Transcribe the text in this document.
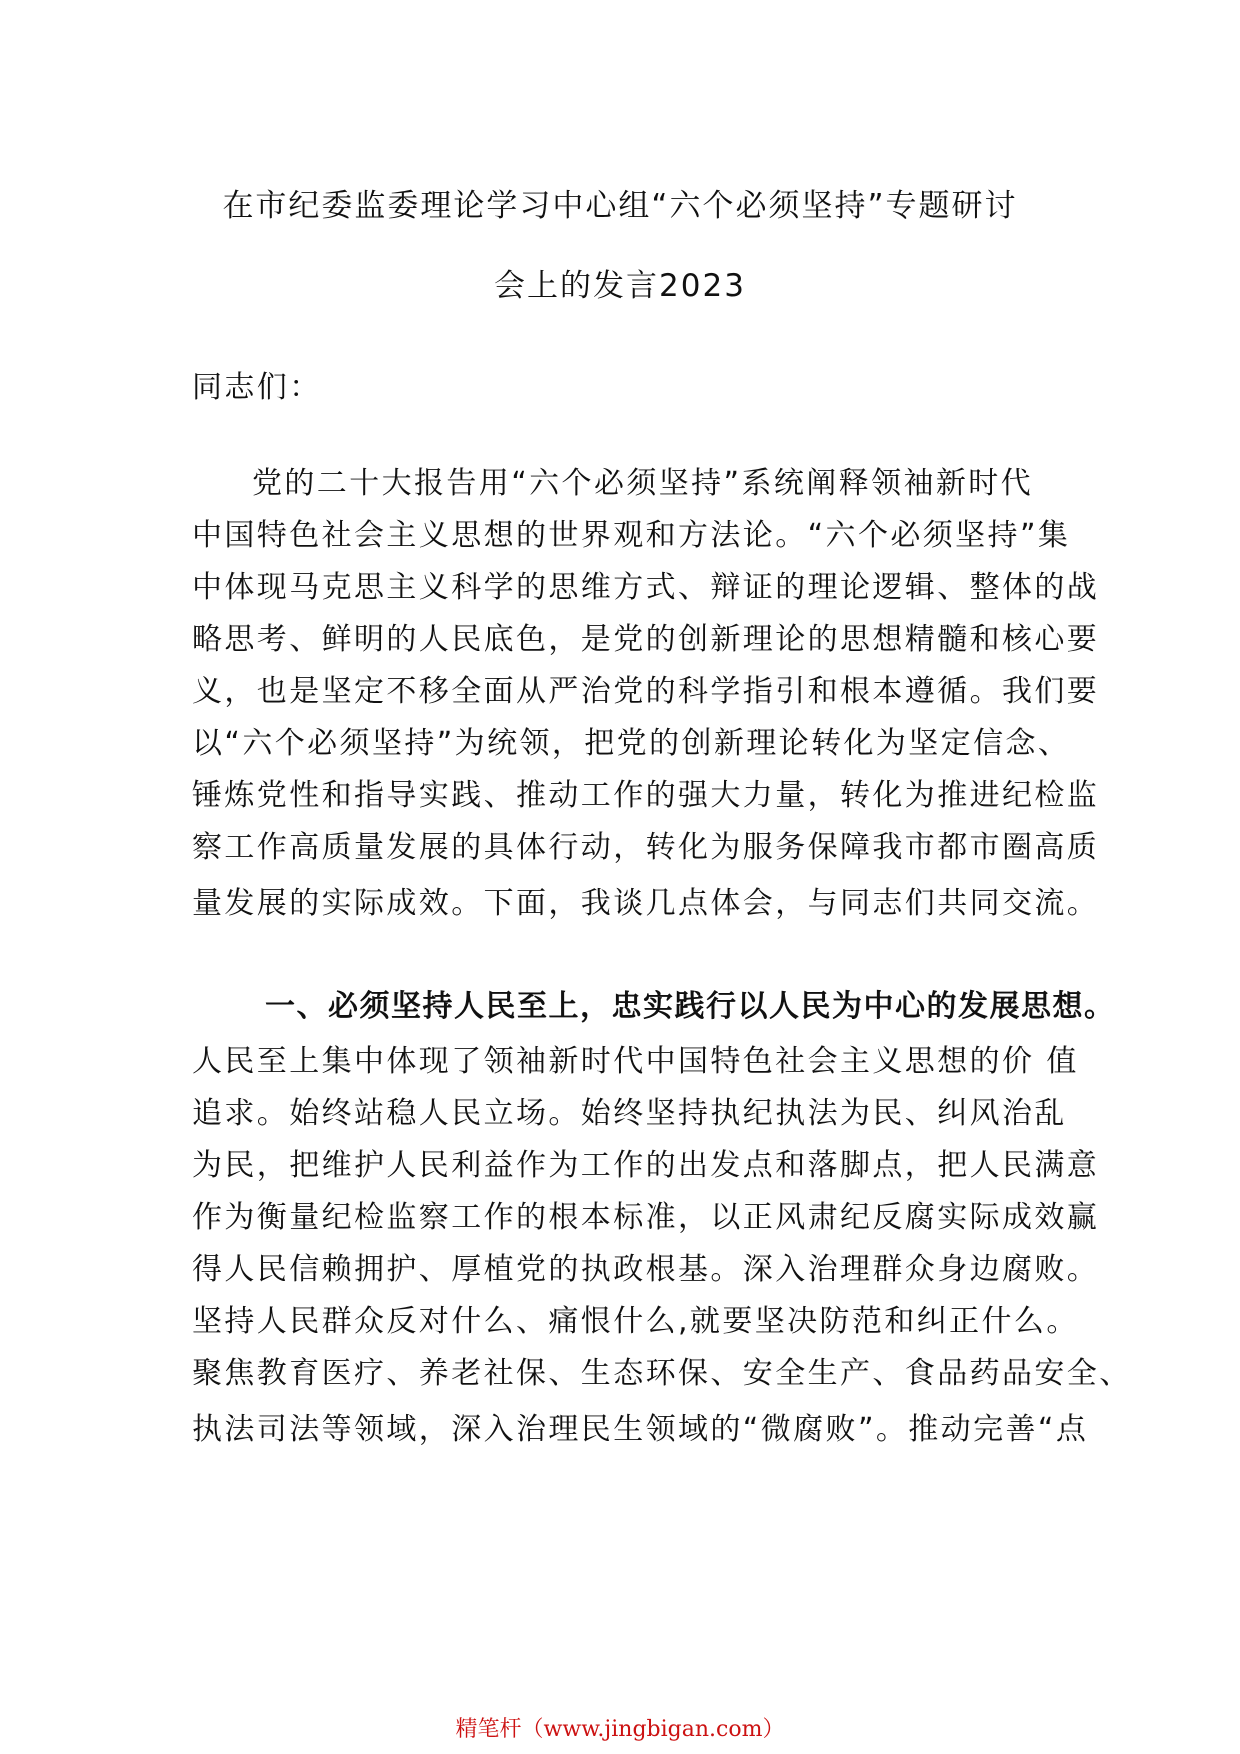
在市纪委监委理论学习中心组“六个必须坚持”专题研讨
会上的发言2023
同志们：
党的二十大报告用“六个必须坚持”系统阐释领袖新时代
中国特色社会主义思想的世界观和方法论。“六个必须坚持”集
中体现马克思主义科学的思维方式、辩证的理论逻辑、整体的战
略思考、鲜明的人民底色，是党的创新理论的思想精髓和核心要
义，也是坚定不移全面从严治党的科学指引和根本遵循。我们要
以“六个必须坚持”为统领，把党的创新理论转化为坚定信念、
锤炼党性和指导实践、推动工作的强大力量，转化为推进纪检监
察工作高质量发展的具体行动，转化为服务保障我市都市圈高质
量发展的实际成效。下面，我谈几点体会，与同志们共同交流。
一、必须坚持人民至上，忠实践行以人民为中心的发展思想。
人民至上集中体现了领袖新时代中国特色社会主义思想的价 值
追求。始终站稳人民立场。始终坚持执纪执法为民、纠风治乱
为民，把维护人民利益作为工作的出发点和落脚点，把人民满意
作为衡量纪检监察工作的根本标准，以正风肃纪反腐实际成效赢
得人民信赖拥护、厚植党的执政根基。深入治理群众身边腐败。
坚持人民群众反对什么、痛恨什么,就要坚决防范和纠正什么。
聚焦教育医疗、养老社保、生态环保、安全生产、食品药品安全、
执法司法等领域，深入治理民生领域的“微腐败”。推动完善“点
精笔杆（www.jingbigan.com）
